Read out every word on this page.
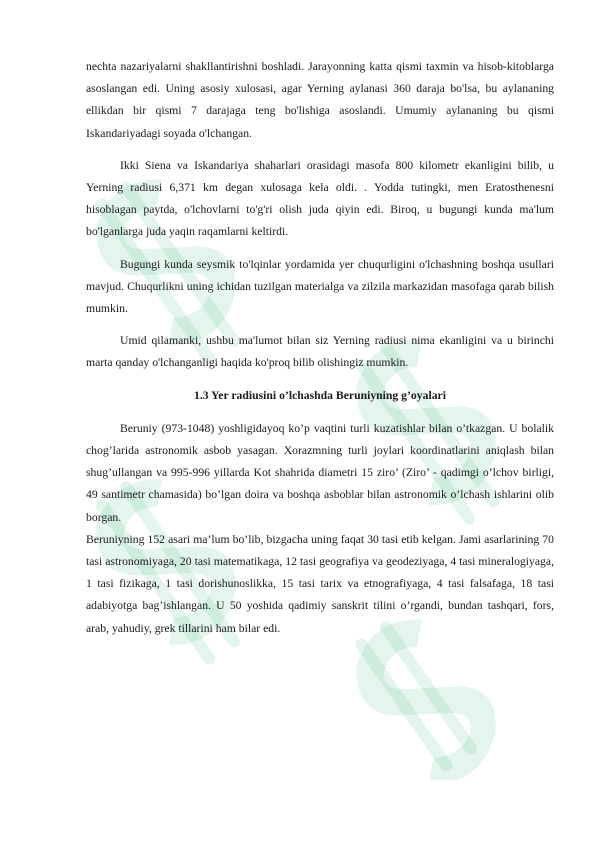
nechta nazariyalarni shakllantirishni boshladi. Jarayonning katta qismi taxmin va hisob-kitoblarga asoslangan edi. Uning asosiy xulosasi, agar Yerning aylanasi 360 daraja bo'lsa, bu aylananing ellikdan bir qismi 7 darajaga teng bo'lishiga asoslandi. Umumiy aylananing bu qismi Iskandariyadagi soyada o'lchangan.

Ikki Siena va Iskandariya shaharlari orasidagi masofa 800 kilometr ekanligini bilib, u Yerning radiusi 6,371 km degan xulosaga kela oldi. . Yodda tutingki, men Eratosthenesni hisoblagan paytda, o'lchovlarni to'g'ri olish juda qiyin edi. Biroq, u bugungi kunda ma'lum bo'lganlarga juda yaqin raqamlarni keltirdi.

Bugungi kunda seysmik to'lqinlar yordamida yer chuqurligini o'lchashning boshqa usullari mavjud. Chuqurlikni uning ichidan tuzilgan materialga va zilzila markazidan masofaga qarab bilish mumkin.

Umid qilamanki, ushbu ma'lumot bilan siz Yerning radiusi nima ekanligini va u birinchi marta qanday o'lchanganligi haqida ko'proq bilib olishingiz mumkin.

1.3 Yer radiusini o’lchashda Beruniyning g’oyalari

Beruniy (973-1048) yoshligidayoq ko’p vaqtini turli kuzatishlar bilan o’tkazgan. U bolalik chog’larida astronomik asbob yasagan. Xorazmning turli joylari koordinatlarini aniqlash bilan shug’ullangan va 995-996 yillarda Kot shahrida diametri 15 ziro’ (Ziro’ - qadimgi o’lchov birligi, 49 santimetr chamasida) bo’lgan doira va boshqa asboblar bilan astronomik o’lchash ishlarini olib borgan.

Beruniyning 152 asari ma’lum bo’lib, bizgacha uning faqat 30 tasi etib kelgan. Jami asarlarining 70 tasi astronomiyaga, 20 tasi matematikaga, 12 tasi geografiya va geodeziyaga, 4 tasi mineralogiyaga, 1 tasi fizikaga, 1 tasi dorishunoslikka, 15 tasi tarix va etnografiyaga, 4 tasi falsafaga, 18 tasi adabiyotga bag’ishlangan. U 50 yoshida qadimiy sanskrit tilini o’rgandi, bundan tashqari, fors, arab, yahudiy, grek tillarini ham bilar edi.
